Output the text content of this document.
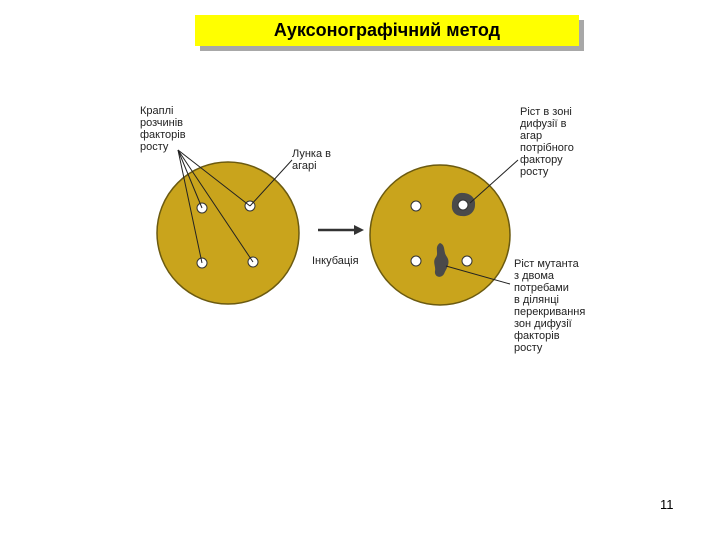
Ауксонографічний метод
Краплі
розчинів
факторів
росту
Лунка в
агарі
Інкубація
Ріст в зоні
дифузії в
агар
потрібного
фактору
росту
Ріст мутанта
з двома
потребами
в ділянці
перекривання
зон дифузії
факторів
росту
11
